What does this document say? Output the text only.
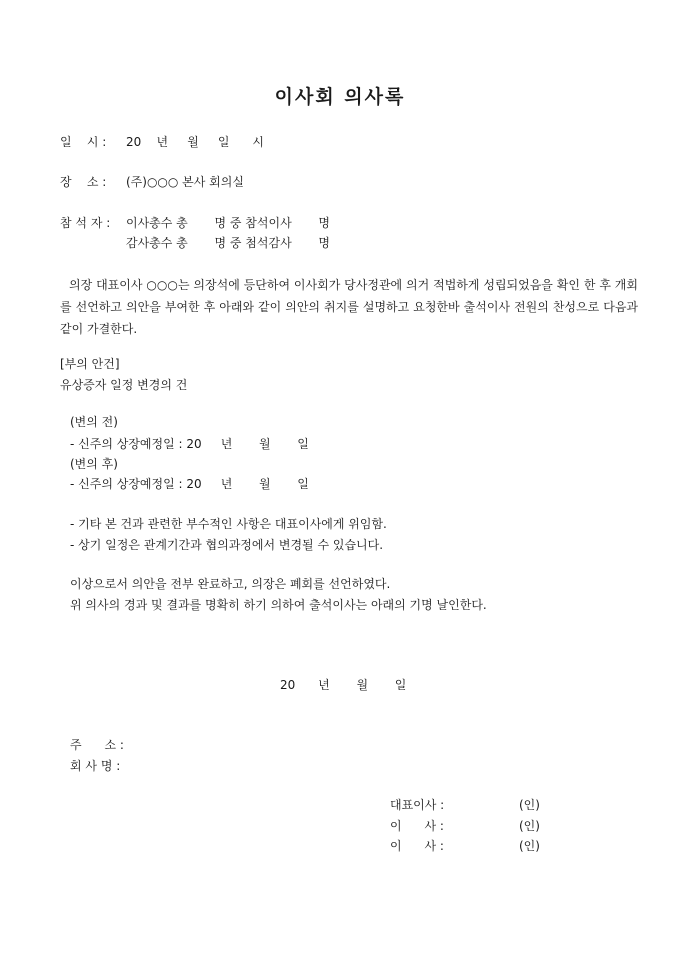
이사회 의사록
일    시 : 20    년     월     일      시
장    소 : (주)○○○ 본사 회의실
참 석 자 : 이사총수 총       명 중 참석이사       명
감사총수 총       명 중 첨석감사       명
의장 대표이사 ○○○는 의장석에 등단하여 이사회가 당사정관에 의거 적법하게 성립되었음을 확인 한 후 개회를 선언하고 의안을 부여한 후 아래와 같이 의안의 취지를 설명하고 요청한바 출석이사 전원의 찬성으로 다음과 같이 가결한다.
[부의 안건]
유상증자 일정 변경의 건
(변의 전)
- 신주의 상장예정일 : 20     년       월       일
(변의 후)
- 신주의 상장예정일 : 20     년       월       일
- 기타 본 건과 관련한 부수적인 사항은 대표이사에게 위임함.
- 상기 일정은 관계기간과 협의과정에서 변경될 수 있습니다.
이상으로서 의안을 전부 완료하고, 의장은 폐회를 선언하였다.
위 의사의 경과 및 결과를 명확히 하기 의하여 출석이사는 아래의 기명 날인한다.
20      년       월       일
주      소 :
회 사 명 :
대표이사 :	(인)
이      사 :	(인)
이      사 :	(인)
